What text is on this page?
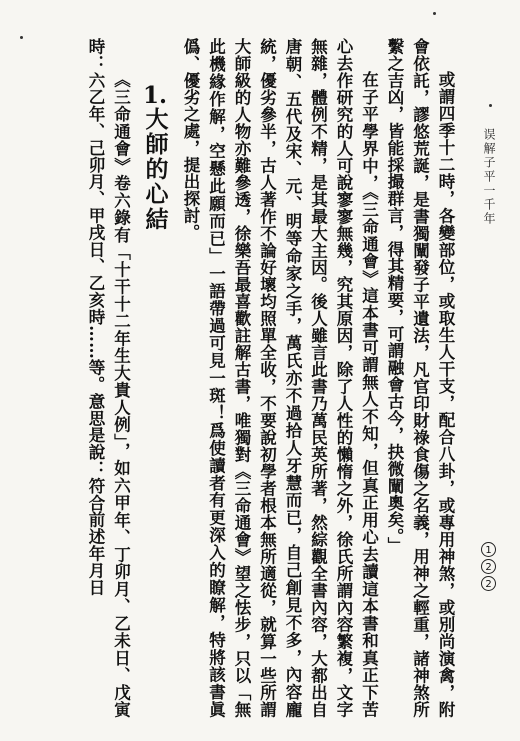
误解子平一千年
1
2
2

或謂四季十二時，各變部位，或取生人干支，配合八卦，或專用神煞，或別尚演禽，附會依託，謬悠荒誕，是書獨闡發子平遺法，凡官印財祿食傷之名義，用神之輕重，諸神煞所繫之吉凶，皆能採撮群言，得其精要，可謂融會古今，抉微闡奧矣。」

在子平學界中，《三命通會》這本書可謂無人不知，但真正用心去讀這本書和真正下苦心去作研究的人可說寥寥無幾，究其原因，除了人性的懶惰之外，徐氏所謂內容繁複，文字無雜，體例不精，是其最大主因。後人雖言此書乃萬民英所著，然綜觀全書內容，大都出自唐朝、五代及宋、元、明等命家之手，萬氏亦不過拾人牙慧而已，自己創見不多，內容龐統，優劣參半，古人著作不論好壞均照單全收，不要說初學者根本無所適從，就算一些所謂大師級的人物亦難參透，徐樂吾最喜歡註解古書，唯獨對《三命通會》望之怯步，只以「無此機緣作解，空懸此願而已」一語帶過可見一斑！爲使讀者有更深入的瞭解，特將該書眞僞、優劣之處，提出探討。

1.大師的心結

《三命通會》卷六錄有「十干十二年生大貴人例」，如六甲年、丁卯月、乙未日、戊寅時：六乙年、己卯月、甲戌日、乙亥時……等。意思是說：符合前述年月日
